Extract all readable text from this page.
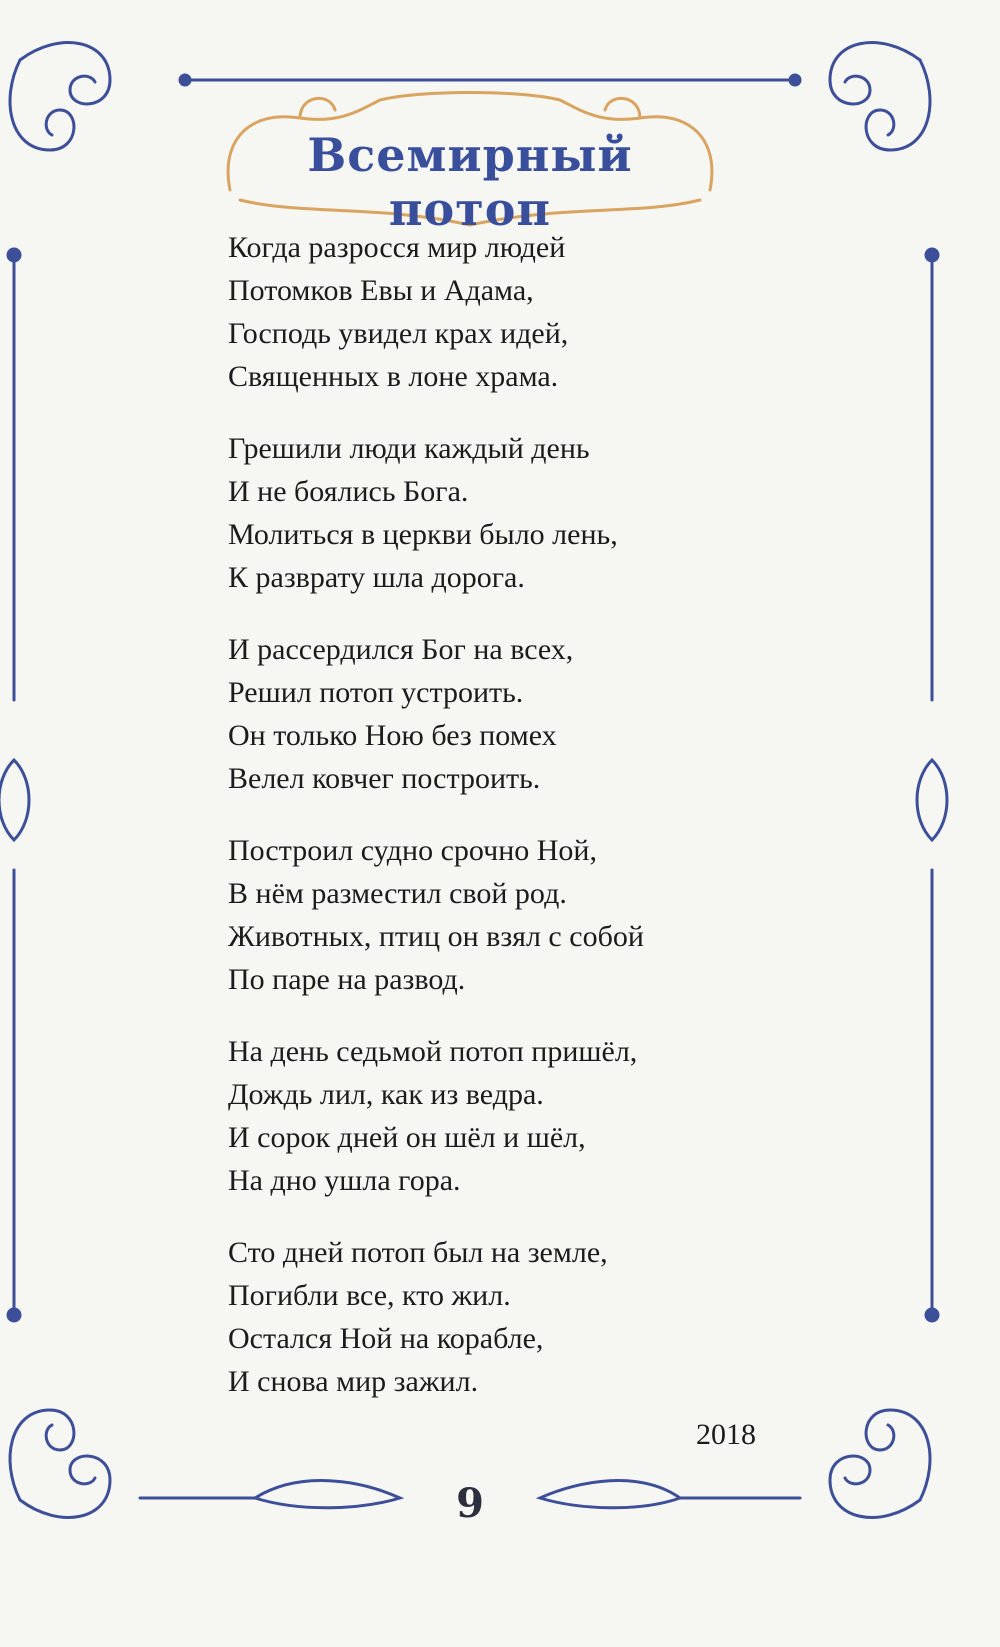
Всемирный потоп
Когда разросся мир людей
Потомков Евы и Адама,
Господь увидел крах идей,
Священных в лоне храма.
Грешили люди каждый день
И не боялись Бога.
Молиться в церкви было лень,
К разврату шла дорога.
И рассердился Бог на всех,
Решил потоп устроить.
Он только Ною без помех
Велел ковчег построить.
Построил судно срочно Ной,
В нём разместил свой род.
Животных, птиц он взял с собой
По паре на развод.
На день седьмой потоп пришёл,
Дождь лил, как из ведра.
И сорок дней он шёл и шёл,
На дно ушла гора.
Сто дней потоп был на земле,
Погибли все, кто жил.
Остался Ной на корабле,
И снова мир зажил.
2018
9
